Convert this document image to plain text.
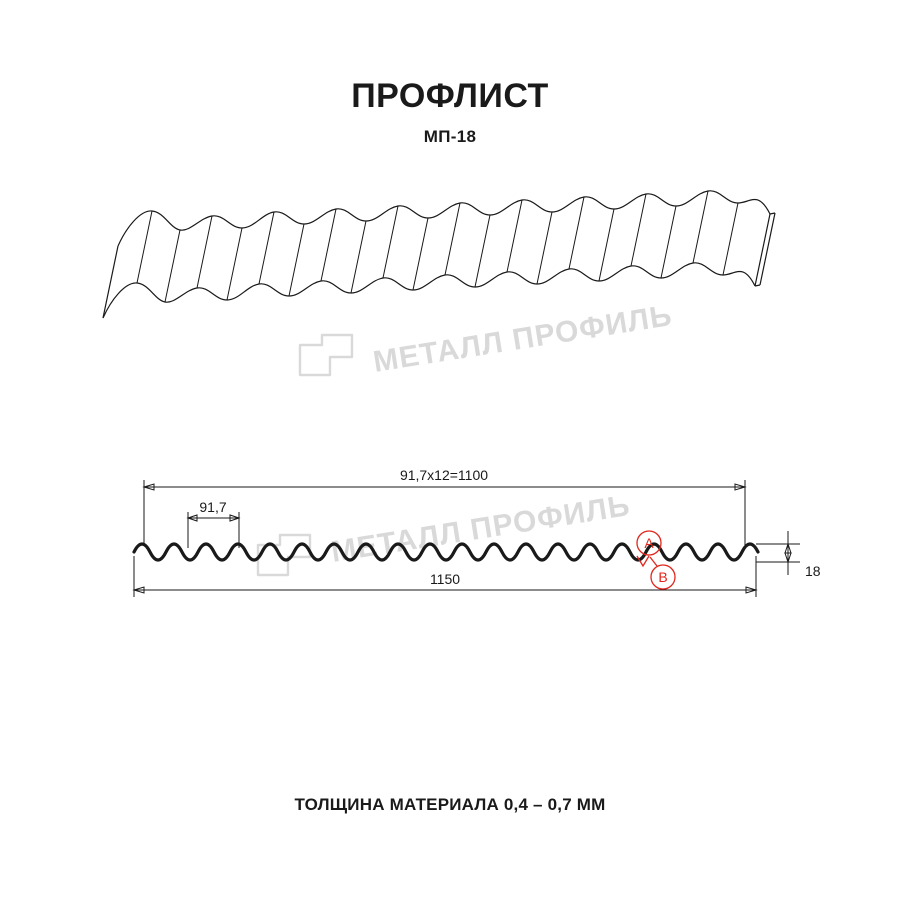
ПРОФЛИСТ
МП-18
МЕТАЛЛ ПРОФИЛЬ
МЕТАЛЛ ПРОФИЛЬ
91,7х12=1100
91,7
1150	18
A
B
ТОЛЩИНА МАТЕРИАЛА 0,4 – 0,7 ММ
